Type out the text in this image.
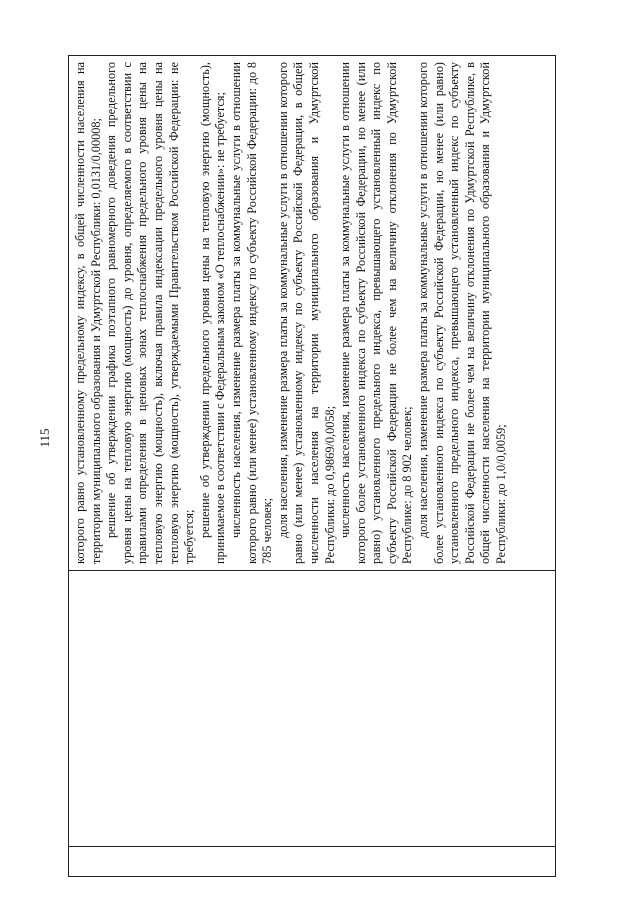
115	которого равно установленному предельному индексу, в общей численности населения на территории муниципального образования и Удмуртской Республики: 0,0131/0,00008; решение об утверждении графика поэтапного равномерного доведения предельного уровня цены на тепловую энергию (мощность) до уровня, определяемого в соответствии с правилами определения в ценовых зонах теплоснабжения предельного уровня цены на тепловую энергию (мощность), включая правила индексации предельного уровня цены на тепловую энергию (мощность), утверждаемыми Правительством Российской Федерации: не требуется; решение об утверждении предельного уровня цены на тепловую энергию (мощность), принимаемое в соответствии с Федеральным законом «О теплоснабжении»: не требуется; численность населения, изменение размера платы за коммунальные услуги в отношении которого равно (или менее) установленному индексу по субъекту Российской Федерации: до 8 785 человек; доля населения, изменение размера платы за коммунальные услуги в отношении которого равно (или менее) установленному индексу по субъекту Российской Федерации, в общей численности населения на территории муниципального образования и Удмуртской Республики: до 0,9869/0,0058; численность населения, изменение размера платы за коммунальные услуги в отношении которого более установленного индекса по субъекту Российской Федерации, но менее (или равно) установленного предельного индекса, превышающего установленный индекс по субъекту Российской Федерации не более чем на величину отклонения по Удмуртской Республике: до 8 902 человек; доля населения, изменение размера платы за коммунальные услуги в отношении которого более установленного индекса по субъекту Российской Федерации, но менее (или равно) установленного предельного индекса, превышающего установленный индекс по субъекту Российской Федерации не более чем на величину отклонения по Удмуртской Республике, в общей численности населения на территории муниципального образования и Удмуртской Республики: до 1,0/0,0059;
